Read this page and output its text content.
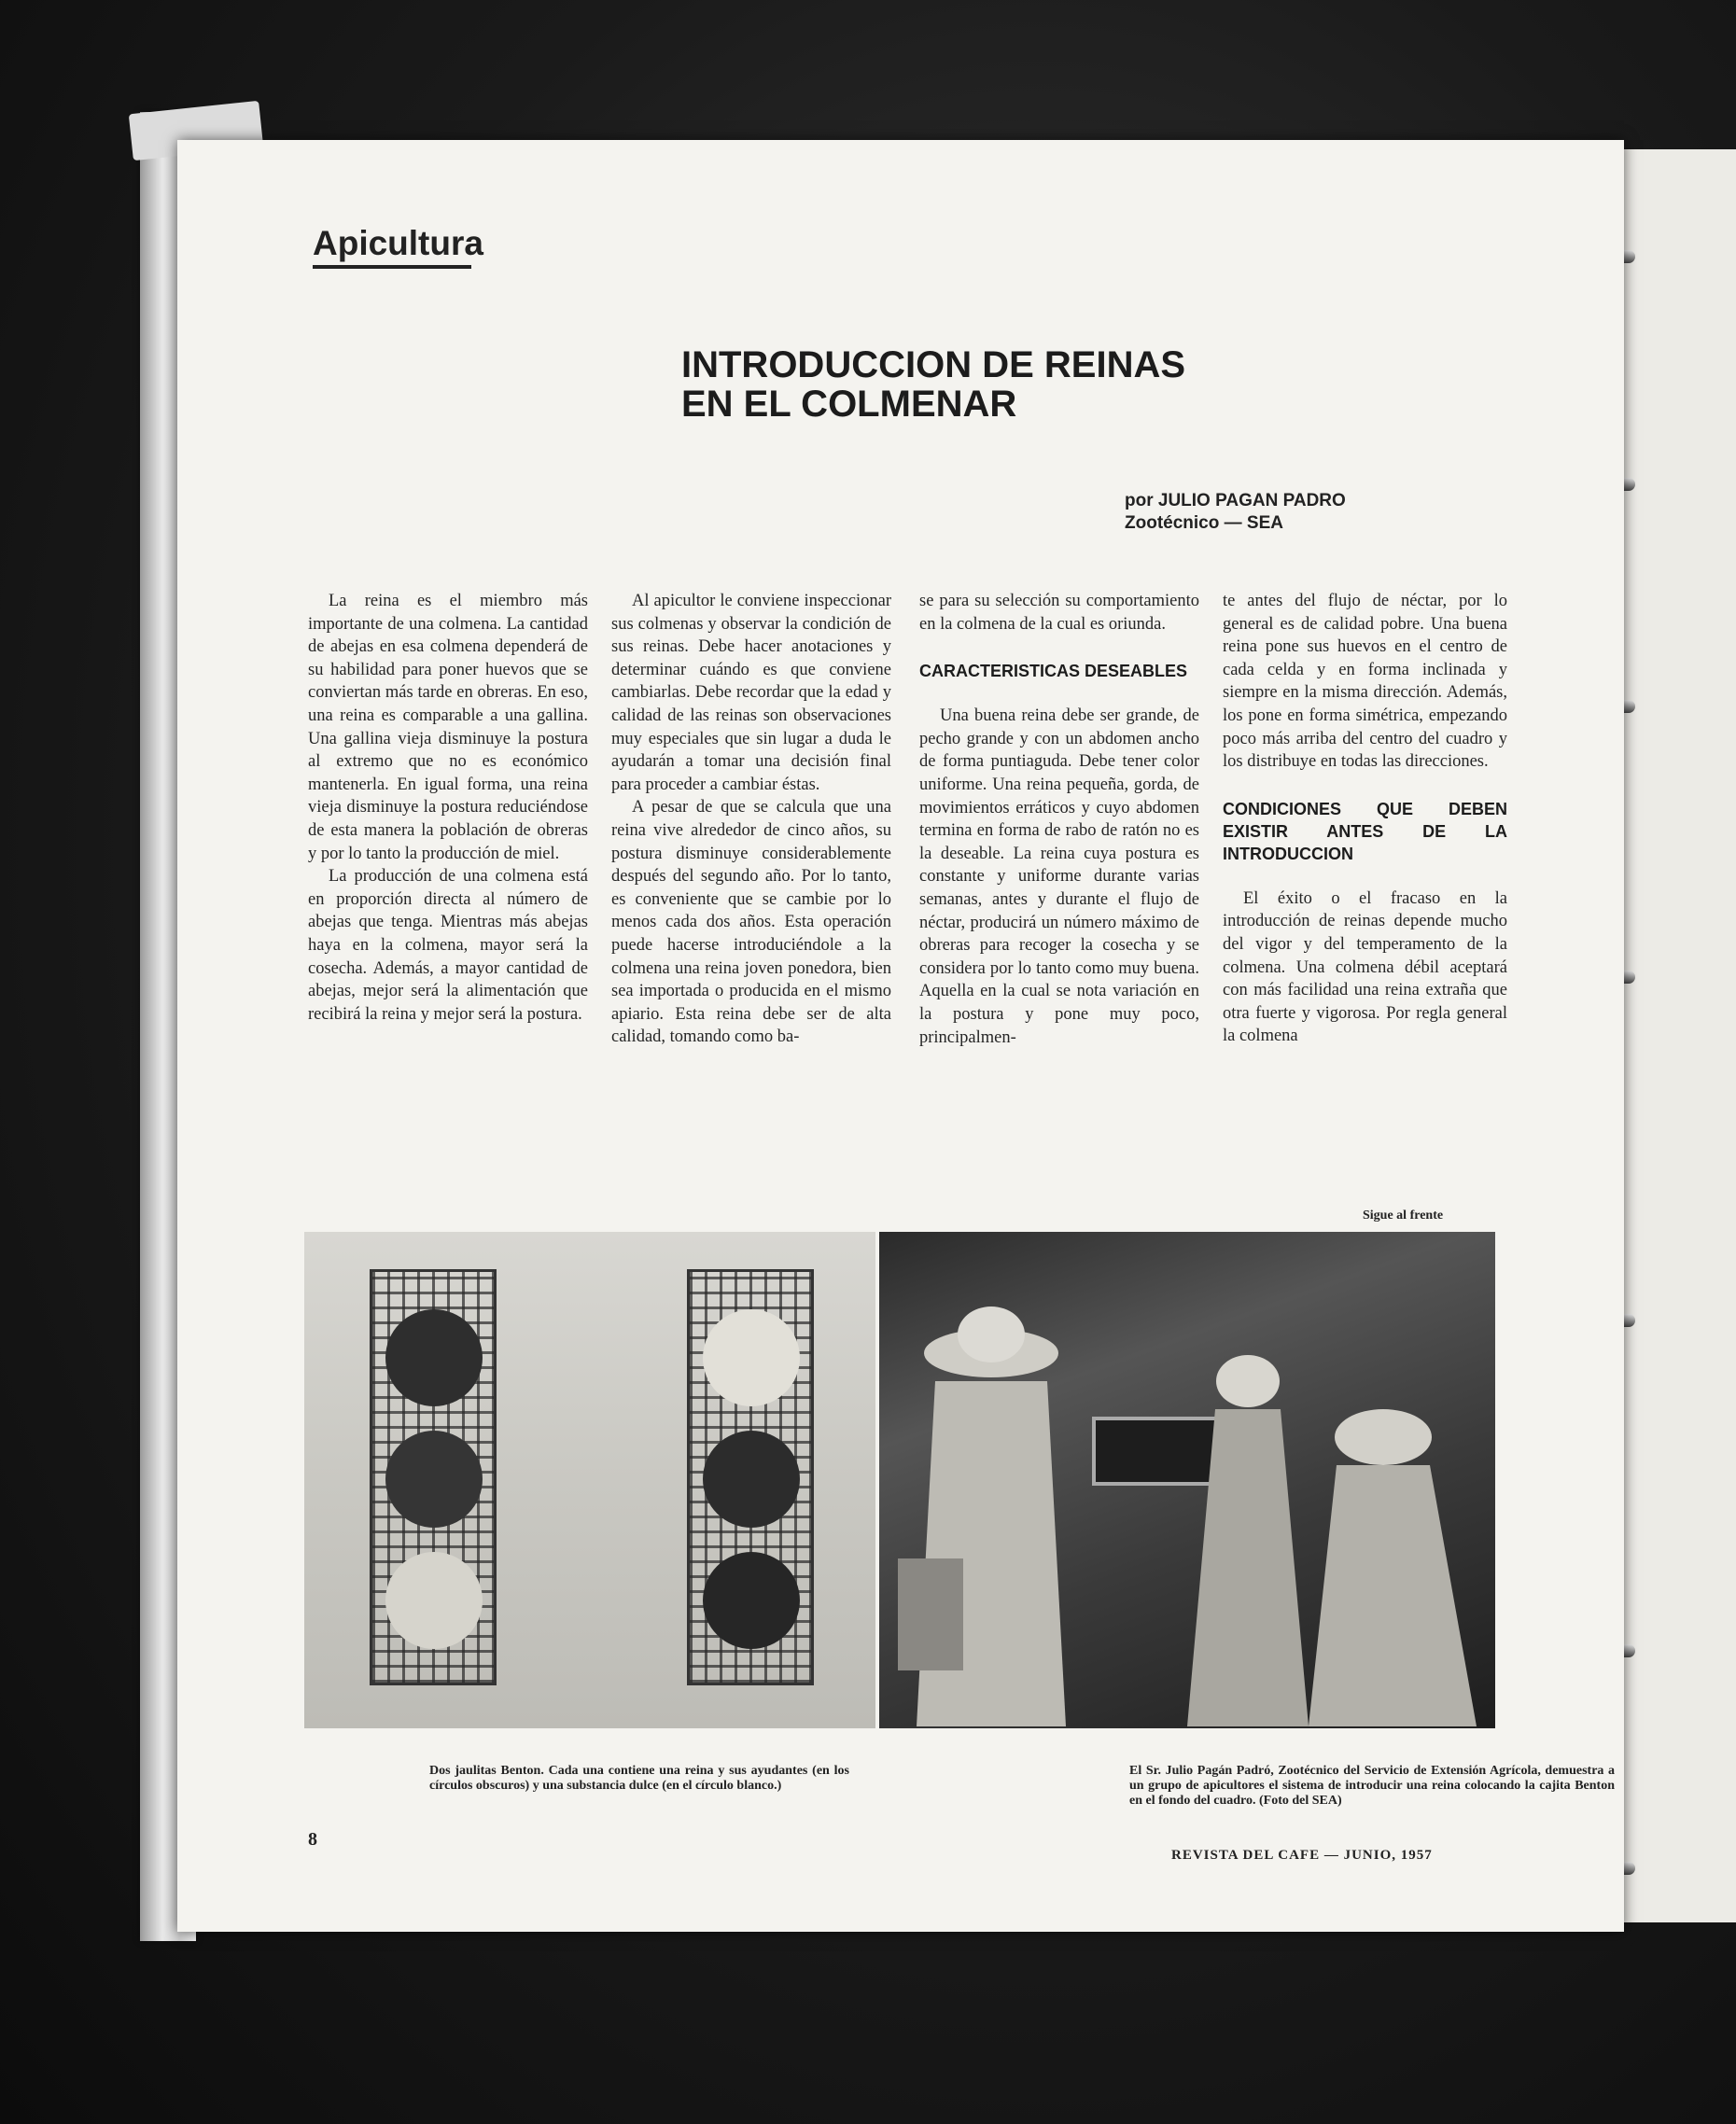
Apicultura
INTRODUCCION DE REINAS
EN EL COLMENAR
por JULIO PAGAN PADRO
Zootécnico — SEA

La reina es el miembro más importante de una colmena. La cantidad de abejas en esa colmena dependerá de su habilidad para poner huevos que se conviertan más tarde en obreras. En eso, una reina es comparable a una gallina. Una gallina vieja disminuye la postura al extremo que no es económico mantenerla. En igual forma, una reina vieja disminuye la postura reduciéndose de esta manera la población de obreras y por lo tanto la producción de miel.

La producción de una colmena está en proporción directa al número de abejas que tenga. Mientras más abejas haya en la colmena, mayor será la cosecha. Además, a mayor cantidad de abejas, mejor será la alimentación que recibirá la reina y mejor será la postura.

Al apicultor le conviene inspeccionar sus colmenas y observar la condición de sus reinas. Debe hacer anotaciones y determinar cuándo es que conviene cambiarlas. Debe recordar que la edad y calidad de las reinas son observaciones muy especiales que sin lugar a duda le ayudarán a tomar una decisión final para proceder a cambiar éstas.

A pesar de que se calcula que una reina vive alrededor de cinco años, su postura disminuye considerablemente después del segundo año. Por lo tanto, es conveniente que se cambie por lo menos cada dos años. Esta operación puede hacerse introduciéndole a la colmena una reina joven ponedora, bien sea importada o producida en el mismo apiario. Esta reina debe ser de alta calidad, tomando como ba-

se para su selección su comportamiento en la colmena de la cual es oriunda.

CARACTERISTICAS DESEABLES

Una buena reina debe ser grande, de pecho grande y con un abdomen ancho de forma puntiaguda. Debe tener color uniforme. Una reina pequeña, gorda, de movimientos erráticos y cuyo abdomen termina en forma de rabo de ratón no es la deseable. La reina cuya postura es constante y uniforme durante varias semanas, antes y durante el flujo de néctar, producirá un número máximo de obreras para recoger la cosecha y se considera por lo tanto como muy buena. Aquella en la cual se nota variación en la postura y pone muy poco, principalmen-

te antes del flujo de néctar, por lo general es de calidad pobre. Una buena reina pone sus huevos en el centro de cada celda y en forma inclinada y siempre en la misma dirección. Además, los pone en forma simétrica, empezando poco más arriba del centro del cuadro y los distribuye en todas las direcciones.

CONDICIONES QUE DEBEN EXISTIR ANTES DE LA INTRODUCCION

El éxito o el fracaso en la introducción de reinas depende mucho del vigor y del temperamento de la colmena. Una colmena débil aceptará con más facilidad una reina extraña que otra fuerte y vigorosa. Por regla general la colmena

Sigue al frente
Dos jaulitas Benton. Cada una contiene una reina y sus ayudantes (en los círculos obscuros) y una substancia dulce (en el círculo blanco.)
El Sr. Julio Pagán Padró, Zootécnico del Servicio de Extensión Agrícola, demuestra a un grupo de apicultores el sistema de introducir una reina colocando la cajita Benton en el fondo del cuadro. (Foto del SEA)
8
REVISTA DEL CAFE — JUNIO, 1957
